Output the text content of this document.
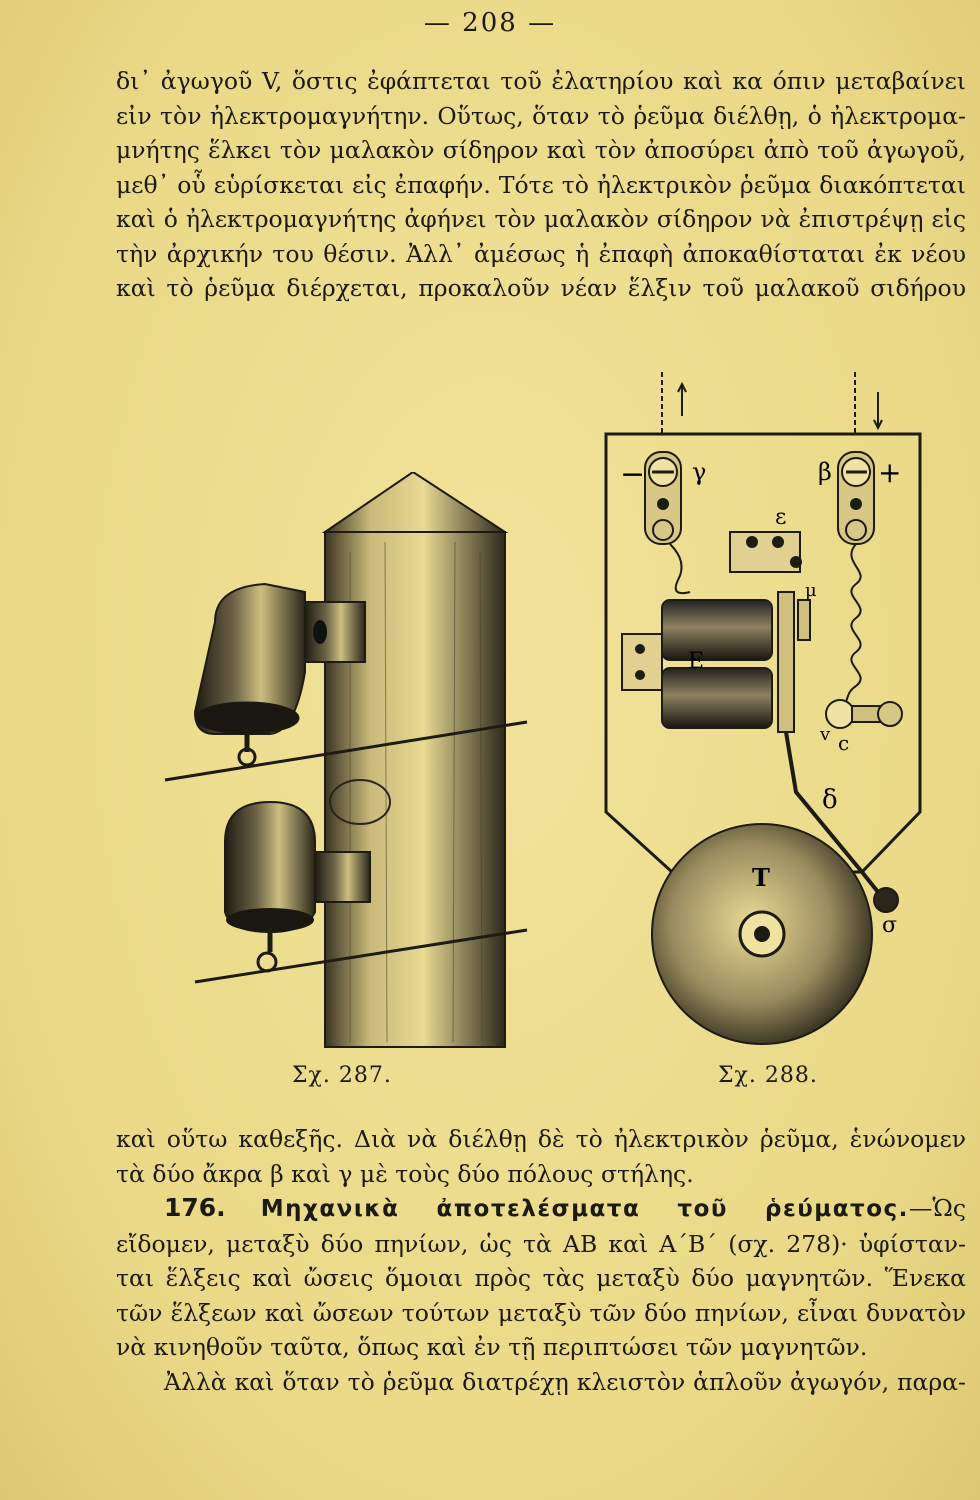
— 208 —
δι᾽ ἀγωγοῦ V, ὅστις ἐφάπτεται τοῦ ἐλατηρίου καὶ κα όπιν μεταβαίνει
εἰν τὸν ἠλεκτρομαγνήτην. Οὕτως, ὅταν τὸ ῥεῦμα διέλθῃ, ὁ ἠλεκτρομα-
μνήτης ἕλκει τὸν μαλακὸν σίδηρον καὶ τὸν ἀποσύρει ἀπὸ τοῦ ἀγωγοῦ,
μεθ᾽ οὗ εὑρίσκεται εἰς ἐπαφήν. Τότε τὸ ἠλεκτρικὸν ῥεῦμα διακόπτεται
καὶ ὁ ἠλεκτρομαγνήτης ἀφήνει τὸν μαλακὸν σίδηρον νὰ ἐπιστρέψῃ εἰς
τὴν ἀρχικήν του θέσιν. Ἀλλ᾽ ἀμέσως ἡ ἐπαφὴ ἀποκαθίσταται ἐκ νέου
καὶ τὸ ῥεῦμα διέρχεται, προκαλοῦν νέαν ἕλξιν τοῦ μαλακοῦ σιδήρου
− γ	β +
ε
μ
E
v c
δ
T
σ
Σχ. 287.	Σχ. 288.
καὶ οὕτω καθεξῆς. Διὰ νὰ διέλθῃ δὲ τὸ ἠλεκτρικὸν ῥεῦμα, ἑνώνομεν
τὰ δύο ἄκρα β καὶ γ μὲ τοὺς δύο πόλους στήλης.
176. Μηχανικὰ ἀποτελέσματα τοῦ ῥεύματος.—Ὡς
εἴδομεν, μεταξὺ δύο πηνίων, ὡς τὰ AB καὶ A΄B΄ (σχ. 278)· ὑφίσταν-
ται ἕλξεις καὶ ὤσεις ὅμοιαι πρὸς τὰς μεταξὺ δύο μαγνητῶν. Ἕνεκα
τῶν ἕλξεων καὶ ὤσεων τούτων μεταξὺ τῶν δύο πηνίων, εἶναι δυνατὸν
νὰ κινηθοῦν ταῦτα, ὅπως καὶ ἐν τῇ περιπτώσει τῶν μαγνητῶν.
Ἀλλὰ καὶ ὅταν τὸ ῥεῦμα διατρέχῃ κλειστὸν ἁπλοῦν ἀγωγόν, παρα-
